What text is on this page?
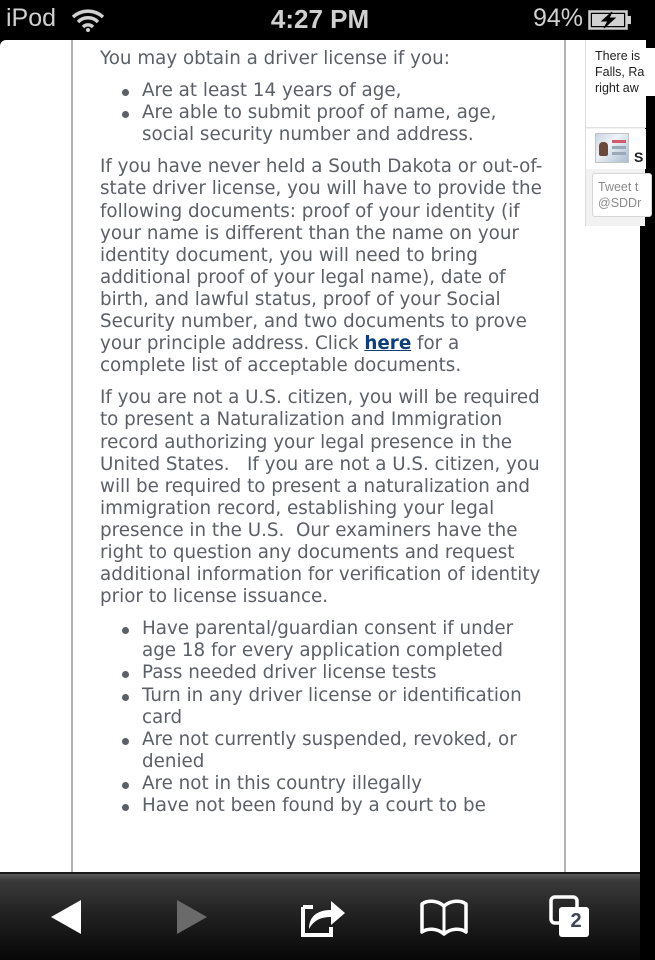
iPod	4:27 PM	94%

You may obtain a driver license if you:

Are at least 14 years of age,
Are able to submit proof of name, age, social security number and address.

If you have never held a South Dakota or out-of-state driver license, you will have to provide the following documents: proof of your identity (if your name is different than the name on your identity document, you will need to bring additional proof of your legal name), date of birth, and lawful status, proof of your Social Security number, and two documents to prove your principle address. Click here for a complete list of acceptable documents.

If you are not a U.S. citizen, you will be required to present a Naturalization and Immigration record authorizing your legal presence in the United States.   If you are not a U.S. citizen, you will be required to present a naturalization and immigration record, establishing your legal presence in the U.S.  Our examiners have the right to question any documents and request additional information for verification of identity prior to license issuance.

Have parental/guardian consent if under age 18 for every application completed
Pass needed driver license tests
Turn in any driver license or identification card
Are not currently suspended, revoked, or denied
Are not in this country illegally
Have not been found by a court to be
There is
Falls, Ra
right aw
S
Tweet t
@SDDr
2
